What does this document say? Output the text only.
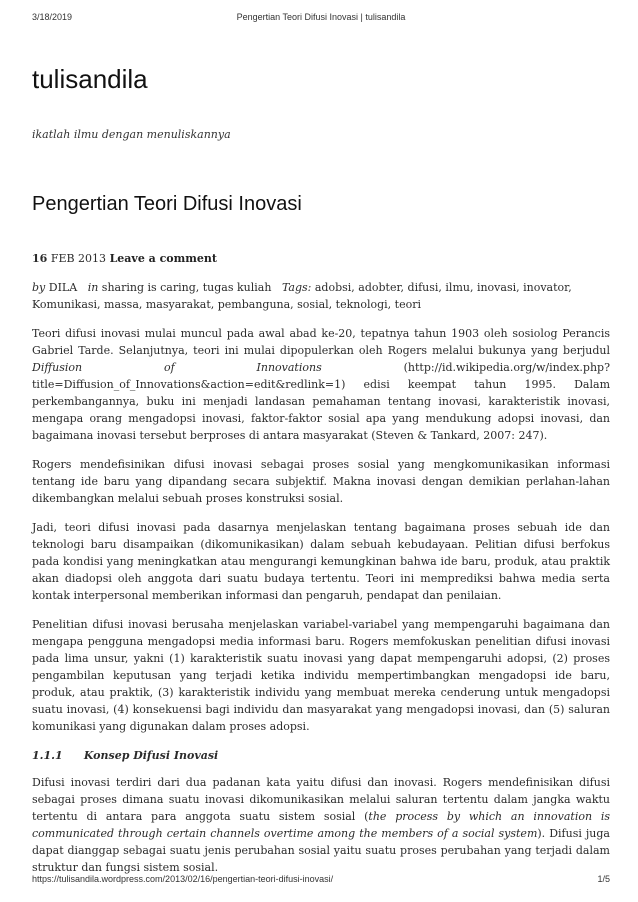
3/18/2019	Pengertian Teori Difusi Inovasi | tulisandila
tulisandila

ikatlah ilmu dengan menuliskannya

Pengertian Teori Difusi Inovasi
16 FEB 2013 Leave a comment
by DILA in sharing is caring, tugas kuliah Tags: adobsi, adobter, difusi, ilmu, inovasi, inovator, Komunikasi, massa, masyarakat, pembanguna, sosial, teknologi, teori

Teori difusi inovasi mulai muncul pada awal abad ke-20, tepatnya tahun 1903 oleh sosiolog Perancis Gabriel Tarde. Selanjutnya, teori ini mulai dipopulerkan oleh Rogers melalui bukunya yang berjudul Diffusion of Innovations	(http://id.wikipedia.org/w/index.php?title=Diffusion_of_Innovations&action=edit&redlink=1) edisi keempat tahun 1995. Dalam perkembangannya, buku ini menjadi landasan pemahaman tentang inovasi, karakteristik inovasi, mengapa orang mengadopsi inovasi, faktor-faktor sosial apa yang mendukung adopsi inovasi, dan bagaimana inovasi tersebut berproses di antara masyarakat (Steven & Tankard, 2007: 247).

Rogers mendefisinikan difusi inovasi sebagai proses sosial yang mengkomunikasikan informasi tentang ide baru yang dipandang secara subjektif. Makna inovasi dengan demikian perlahan-lahan dikembangkan melalui sebuah proses konstruksi sosial.

Jadi, teori difusi inovasi pada dasarnya menjelaskan tentang bagaimana proses sebuah ide dan teknologi baru disampaikan (dikomunikasikan) dalam sebuah kebudayaan. Pelitian difusi berfokus pada kondisi yang meningkatkan atau mengurangi kemungkinan bahwa ide baru, produk, atau praktik akan diadopsi oleh anggota dari suatu budaya tertentu. Teori ini memprediksi bahwa media serta kontak interpersonal memberikan informasi dan pengaruh, pendapat dan penilaian.

Penelitian difusi inovasi berusaha menjelaskan variabel-variabel yang mempengaruhi bagaimana dan mengapa pengguna mengadopsi media informasi baru. Rogers memfokuskan penelitian difusi inovasi pada lima unsur, yakni (1) karakteristik suatu inovasi yang dapat mempengaruhi adopsi, (2) proses pengambilan keputusan yang terjadi ketika individu mempertimbangkan mengadopsi ide baru, produk, atau praktik, (3) karakteristik individu yang membuat mereka cenderung untuk mengadopsi suatu inovasi, (4) konsekuensi bagi individu dan masyarakat yang mengadopsi inovasi, dan (5) saluran komunikasi yang digunakan dalam proses adopsi.

1.1.1 Konsep Difusi Inovasi

Difusi inovasi terdiri dari dua padanan kata yaitu difusi dan inovasi. Rogers mendefinisikan difusi sebagai proses dimana suatu inovasi dikomunikasikan melalui saluran tertentu dalam jangka waktu tertentu di antara para anggota suatu sistem sosial (the process by which an innovation is communicated through certain channels overtime among the members of a social system). Difusi juga dapat dianggap sebagai suatu jenis perubahan sosial yaitu suatu proses perubahan yang terjadi dalam struktur dan fungsi sistem sosial.

https://tulisandila.wordpress.com/2013/02/16/pengertian-teori-difusi-inovasi/	1/5
